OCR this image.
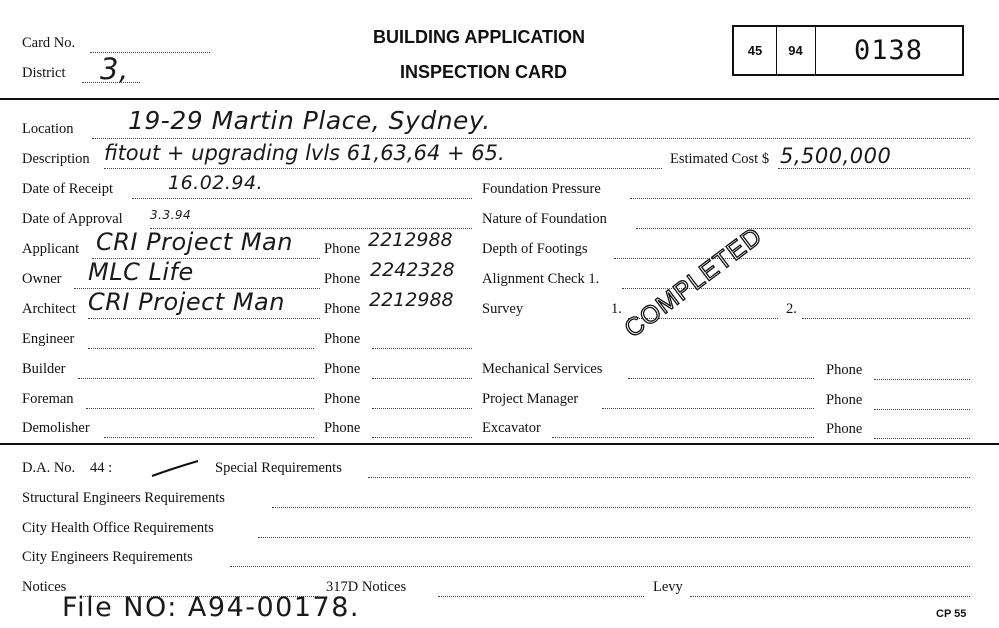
Card No.
District 3,
BUILDING APPLICATION
INSPECTION CARD
45	94	0138
Location 19-29 Martin Place, Sydney.
Description fitout + upgrading lvls 61,63,64 + 65.	Estimated Cost $ 5,500,000
Date of Receipt	16.02.94.
Date of Approval 3.3.94
Applicant CRI Project Man Phone 2212988
Owner MLC Life	Phone 2242328
Architect CRI Project Man	Phone 2212988
Engineer	Phone
Builder	Phone
Foreman	Phone
Demolisher	Phone
Foundation Pressure
Nature of Foundation
Depth of Footings
Alignment Check 1.
Survey	1.	2.
Mechanical Services	Phone
Project Manager	Phone
Excavator	Phone
COMPLETED
D.A. No. 44 :	Special Requirements
Structural Engineers Requirements
City Health Office Requirements
City Engineers Requirements
Notices	317D Notices	Levy
File NO: A94-00178.	CP 55
